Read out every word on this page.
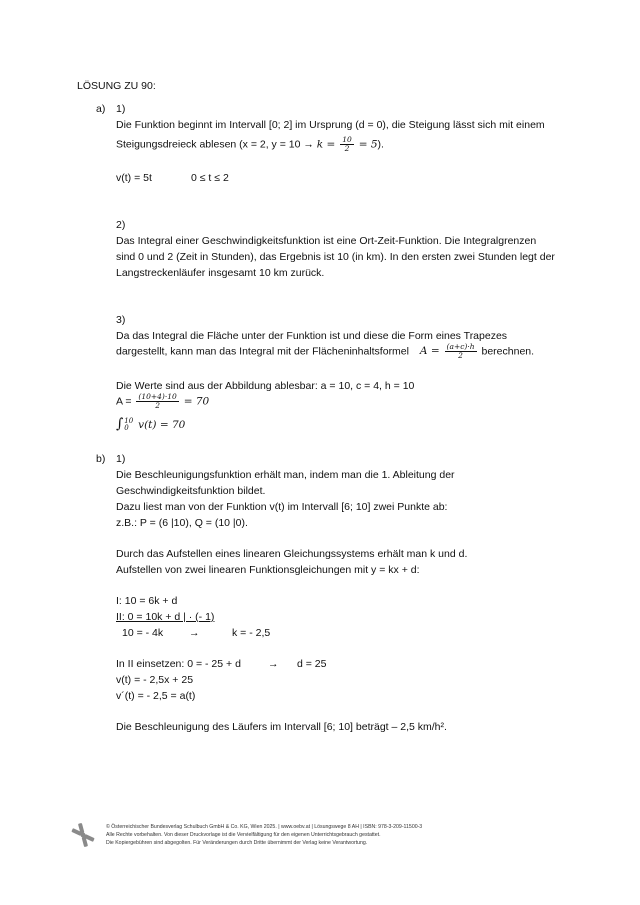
LÖSUNG ZU 90:
a) 1)
Die Funktion beginnt im Intervall [0; 2] im Ursprung (d = 0), die Steigung lässt sich mit einem
Steigungsdreieck ablesen (x = 2, $y = 10 \to k = \frac{10}{2} = 5$).
v(t) = 5t	0 ≤ t ≤ 2
2)
Das Integral einer Geschwindigkeitsfunktion ist eine Ort-Zeit-Funktion. Die Integralgrenzen
sind 0 und 2 (Zeit in Stunden), das Ergebnis ist 10 (in km). In den ersten zwei Stunden legt der
Langstreckenläufer insgesamt 10 km zurück.
3)
Da das Integral die Fläche unter der Funktion ist und diese die Form eines Trapezes
dargestellt, kann man das Integral mit der Flächeninhaltsformel $A = \frac{(a+c)\cdot h}{2}$ berechnen.
Die Werte sind aus der Abbildung ablesbar: a = 10, c = 4, h = 10
$A = \frac{(10+4)\cdot 10}{2} = 70$
∫ 10
0 v(t) = 70
b) 1)
Die Beschleunigungsfunktion erhält man, indem man die 1. Ableitung der
Geschwindigkeitsfunktion bildet.
Dazu liest man von der Funktion v(t) im Intervall [6; 10] zwei Punkte ab:
z.B.: P = (6 |10), Q = (10 |0).
Durch das Aufstellen eines linearen Gleichungssystems erhält man k und d.
Aufstellen von zwei linearen Funktionsgleichungen mit y = kx + d:
I: 10 = 6k + d
II: 0 = 10k + d | · (- 1)
10 = - 4k →	k = - 2,5
In II einsetzen: 0 = - 25 + d	→ d = 25
v(t) = - 2,5x + 25
v´(t) = - 2,5 = a(t)
Die Beschleunigung des Läufers im Intervall [6; 10] beträgt – 2,5 km/h².
© Österreichischer Bundesverlag Schulbuch GmbH & Co. KG, Wien 2025. | www.oebv.at | Lösungswege 8 AH | ISBN: 978-3-209-11500-3
Alle Rechte vorbehalten. Von dieser Druckvorlage ist die Vervielfältigung für den eigenen Unterrichtsgebrauch gestattet.
Die Kopiergebühren sind abgegolten. Für Veränderungen durch Dritte übernimmt der Verlag keine Verantwortung.
